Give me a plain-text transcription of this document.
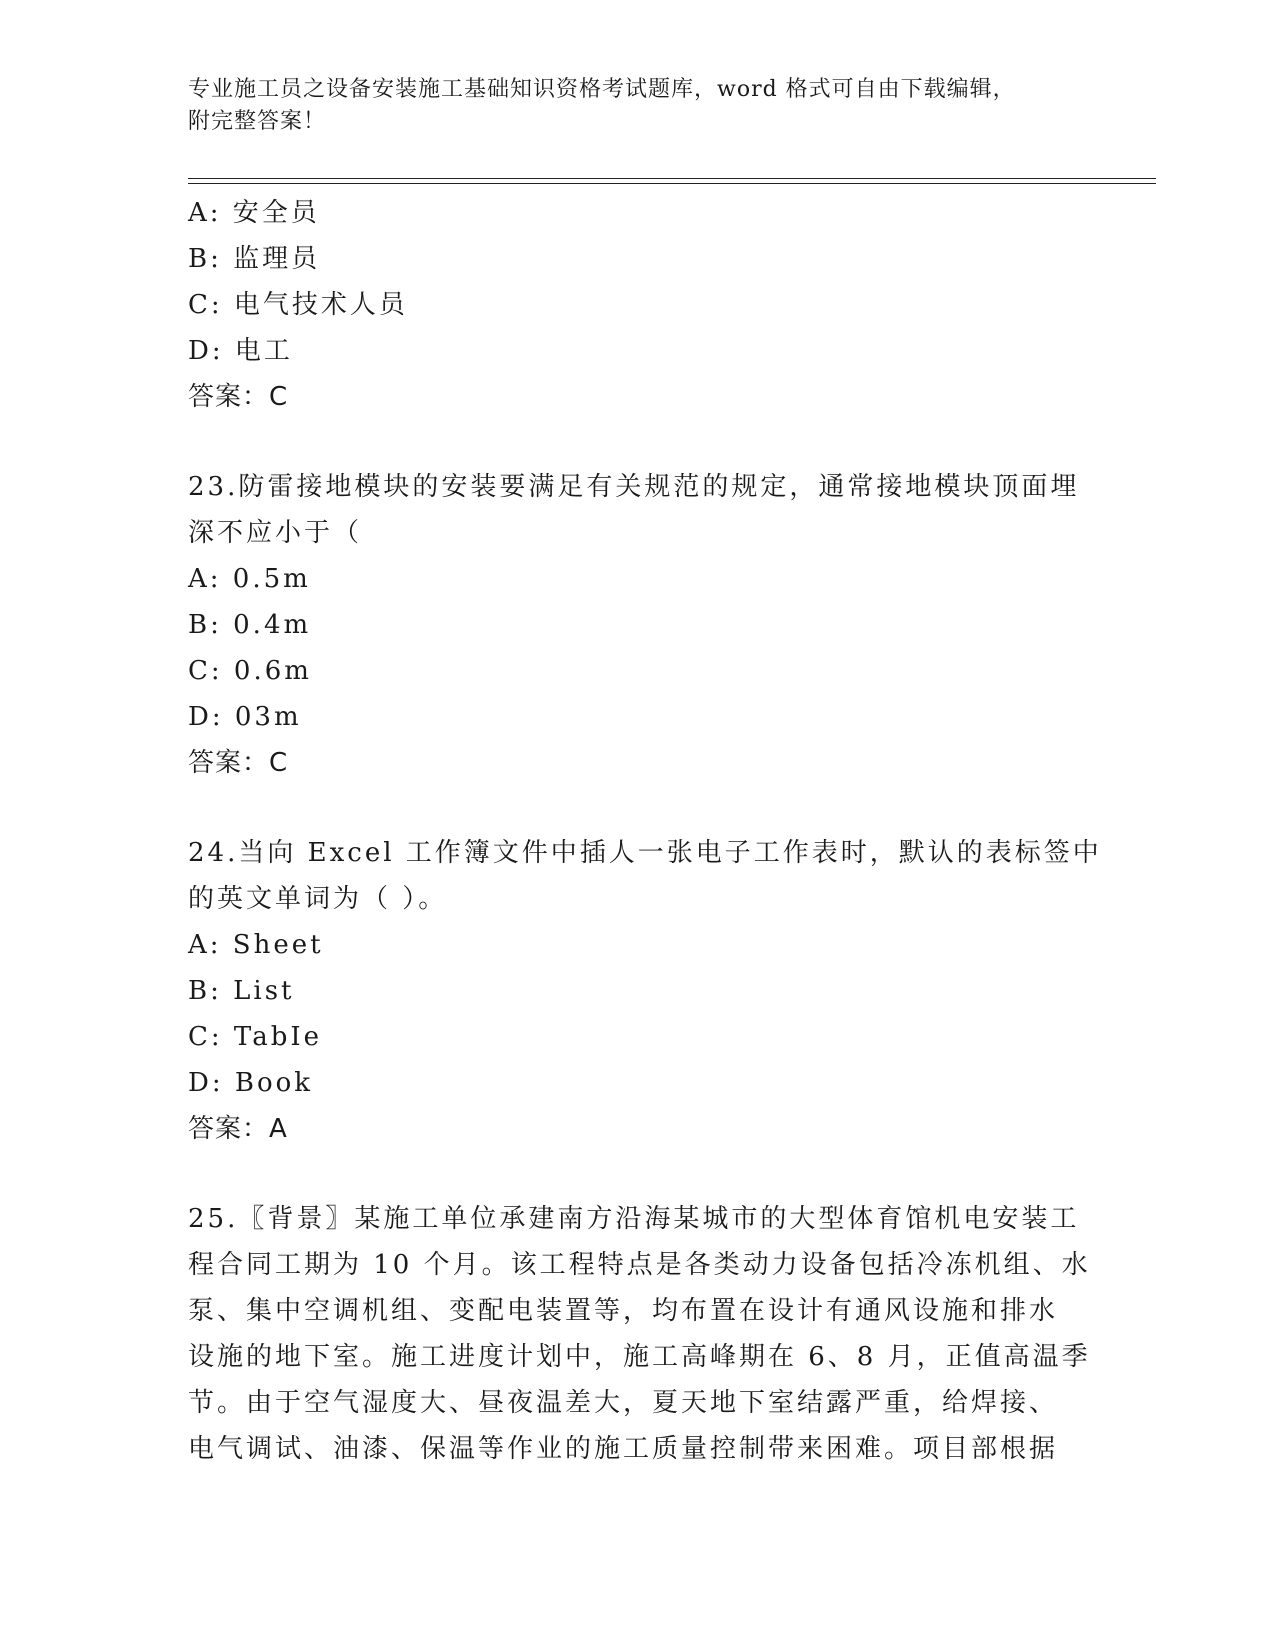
专业施工员之设备安装施工基础知识资格考试题库，word 格式可自由下载编辑，
附完整答案！
A: 安全员
B: 监理员
C: 电气技术人员
D: 电工
答案：C
23.防雷接地模块的安装要满足有关规范的规定，通常接地模块顶面埋
深不应小于（
A: 0.5m
B: 0.4m
C: 0.6m
D: 03m
答案：C
24.当向 Excel 工作簿文件中插人一张电子工作表时，默认的表标签中
的英文单词为（ ）。
A: Sheet
B: List
C: TabIe
D: Book
答案：A
25.〖背景〗某施工单位承建南方沿海某城市的大型体育馆机电安装工
程合同工期为 10 个月。该工程特点是各类动力设备包括冷冻机组、水
泵、集中空调机组、变配电装置等，均布置在设计有通风设施和排水
设施的地下室。施工进度计划中，施工高峰期在 6、8 月，正值高温季
节。由于空气湿度大、昼夜温差大，夏天地下室结露严重，给焊接、
电气调试、油漆、保温等作业的施工质量控制带来困难。项目部根据
